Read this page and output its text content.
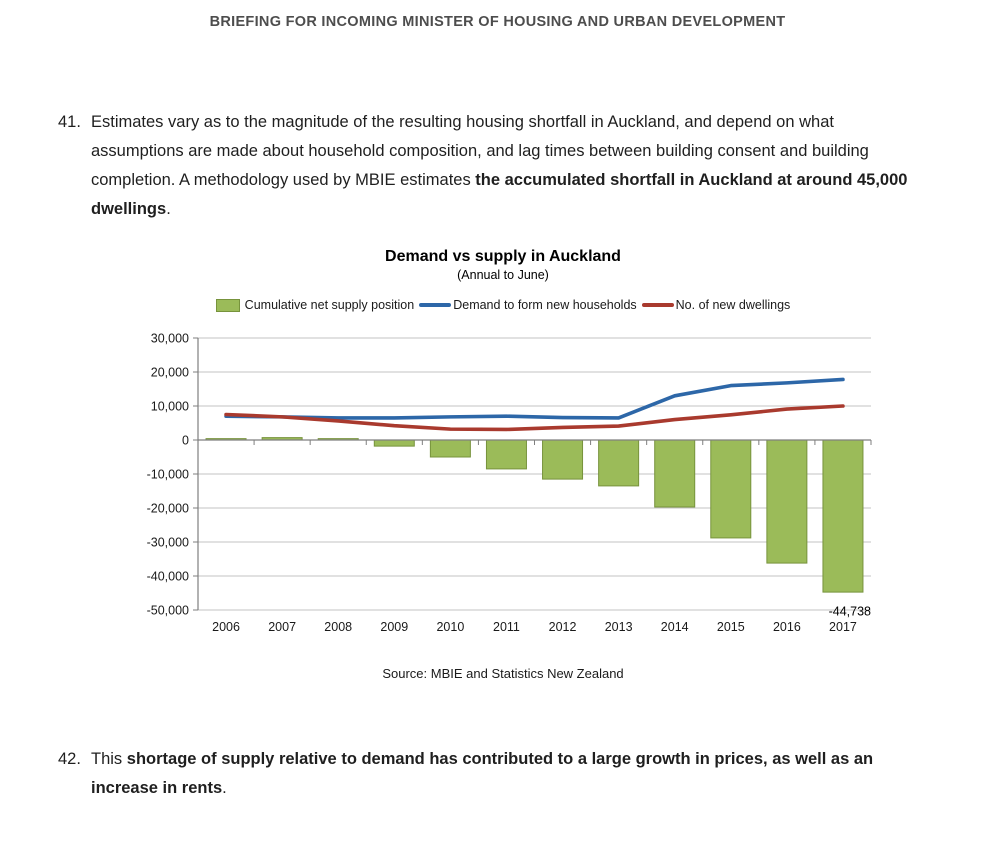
BRIEFING FOR INCOMING MINISTER OF HOUSING AND URBAN DEVELOPMENT
41. Estimates vary as to the magnitude of the resulting housing shortfall in Auckland, and depend on what assumptions are made about household composition, and lag times between building consent and building completion. A methodology used by MBIE estimates the accumulated shortfall in Auckland at around 45,000 dwellings.
Demand vs supply in Auckland
(Annual to June)
Cumulative net supply position	Demand to form new households	No. of new dwellings
30,000
20,000
10,000
0
-10,000
-20,000
-30,000
-40,000
-50,000
2006 2007 2008 2009 2010 2011 2012 2013 2014 2015 2016 2017
-44,738
Source: MBIE and Statistics New Zealand
42. This shortage of supply relative to demand has contributed to a large growth in prices, as well as an increase in rents.
